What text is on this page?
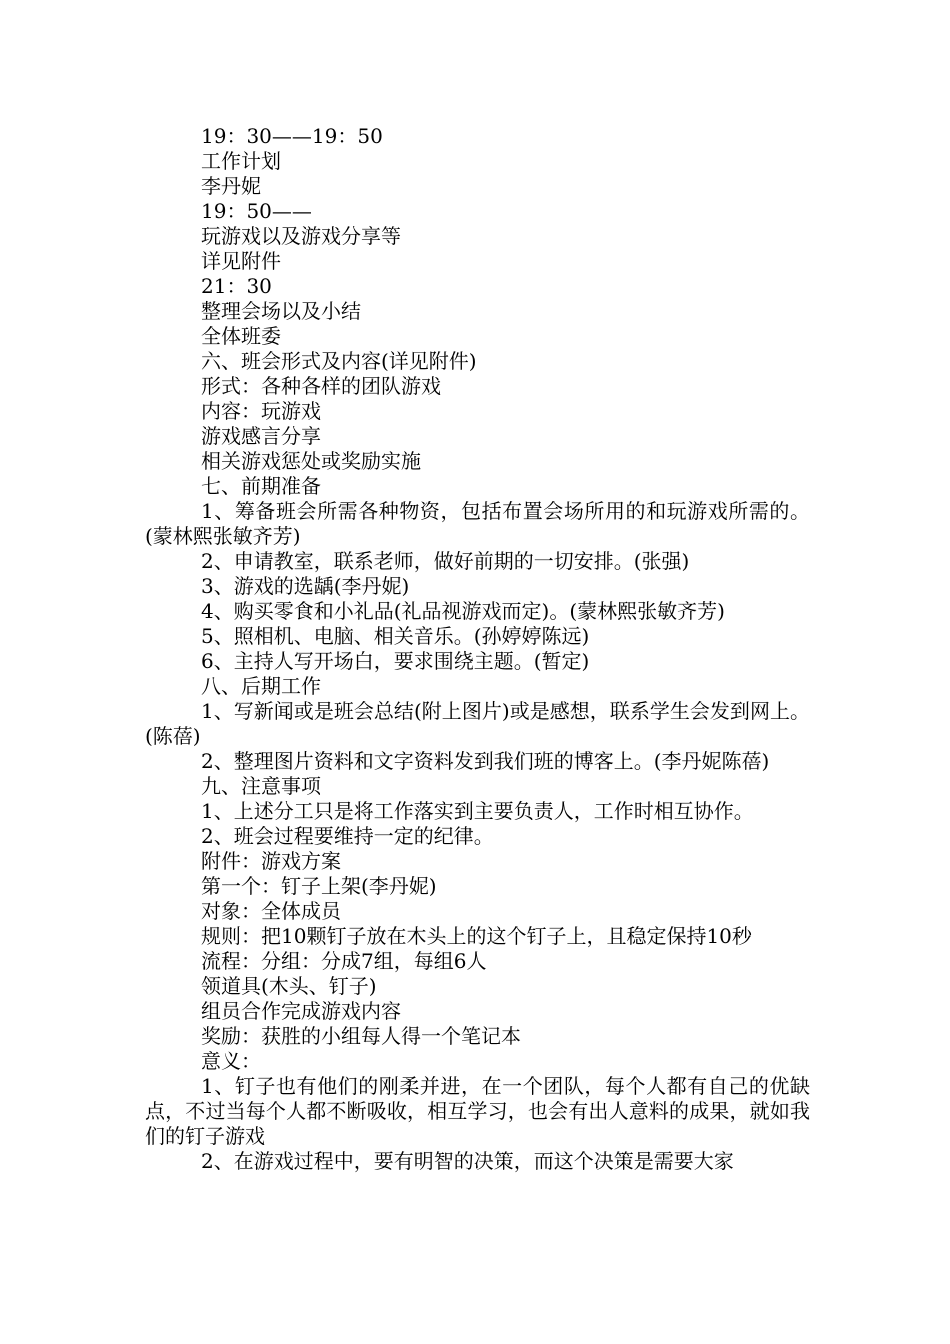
19：30——19：50

工作计划

李丹妮

19：50——

玩游戏以及游戏分享等

详见附件

21：30

整理会场以及小结

全体班委

六、班会形式及内容(详见附件)

形式：各种各样的团队游戏

内容：玩游戏

游戏感言分享

相关游戏惩处或奖励实施

七、前期准备

1、筹备班会所需各种物资，包括布置会场所用的和玩游戏所需的。(蒙林熙张敏齐芳)

2、申请教室，联系老师，做好前期的一切安排。(张强)

3、游戏的选龋(李丹妮)

4、购买零食和小礼品(礼品视游戏而定)。(蒙林熙张敏齐芳)

5、照相机、电脑、相关音乐。(孙婷婷陈远)

6、主持人写开场白，要求围绕主题。(暂定)

八、后期工作

1、写新闻或是班会总结(附上图片)或是感想，联系学生会发到网上。(陈蓓)

2、整理图片资料和文字资料发到我们班的博客上。(李丹妮陈蓓)

九、注意事项

1、上述分工只是将工作落实到主要负责人，工作时相互协作。

2、班会过程要维持一定的纪律。

附件：游戏方案

第一个：钉子上架(李丹妮)

对象：全体成员

规则：把10颗钉子放在木头上的这个钉子上，且稳定保持10秒

流程：分组：分成7组，每组6人

领道具(木头、钉子)

组员合作完成游戏内容

奖励：获胜的小组每人得一个笔记本

意义：

1、钉子也有他们的刚柔并进，在一个团队，每个人都有自己的优缺点，不过当每个人都不断吸收，相互学习，也会有出人意料的成果，就如我们的钉子游戏

2、在游戏过程中，要有明智的决策，而这个决策是需要大家
